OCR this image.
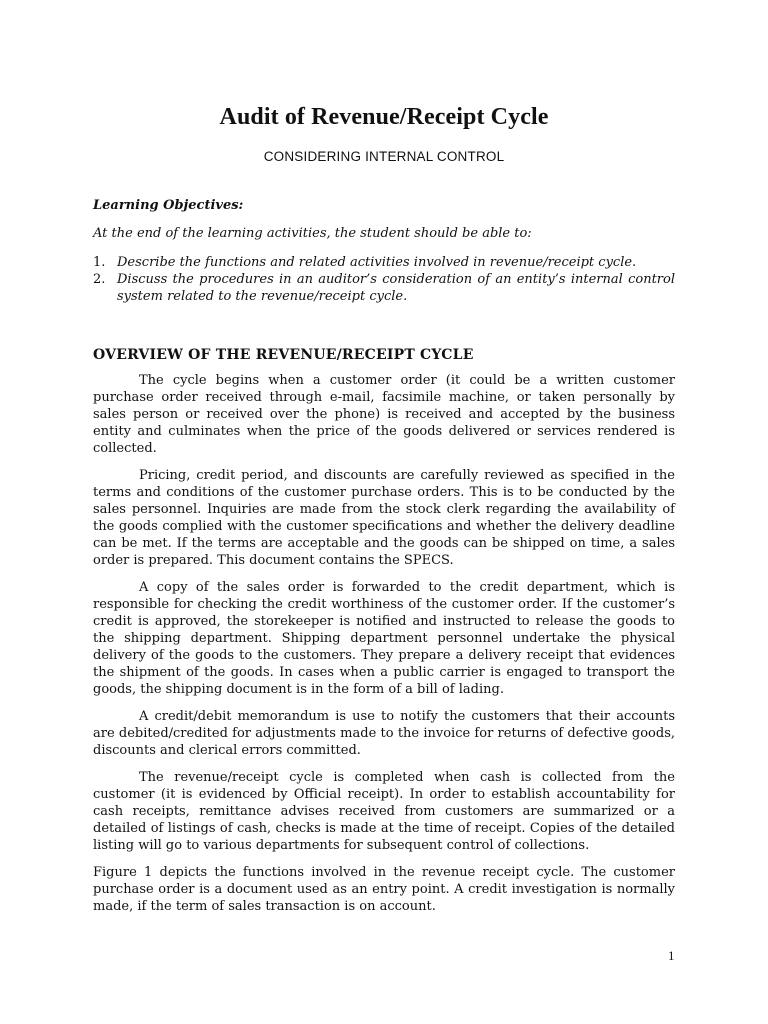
Audit of Revenue/Receipt Cycle
CONSIDERING INTERNAL CONTROL
Learning Objectives:
At the end of the learning activities, the student should be able to:
1. Describe the functions and related activities involved in revenue/receipt cycle.
2. Discuss the procedures in an auditor’s consideration of an entity’s internal control system related to the revenue/receipt cycle.
OVERVIEW OF THE REVENUE/RECEIPT CYCLE

The cycle begins when a customer order (it could be a written customer purchase order received through e-mail, facsimile machine, or taken personally by sales person or received over the phone) is received and accepted by the business entity and culminates when the price of the goods delivered or services rendered is collected.

Pricing, credit period, and discounts are carefully reviewed as specified in the terms and conditions of the customer purchase orders. This is to be conducted by the sales personnel. Inquiries are made from the stock clerk regarding the availability of the goods complied with the customer specifications and whether the delivery deadline can be met. If the terms are acceptable and the goods can be shipped on time, a sales order is prepared. This document contains the SPECS.

A copy of the sales order is forwarded to the credit department, which is responsible for checking the credit worthiness of the customer order. If the customer’s credit is approved, the storekeeper is notified and instructed to release the goods to the shipping department. Shipping department personnel undertake the physical delivery of the goods to the customers. They prepare a delivery receipt that evidences the shipment of the goods. In cases when a public carrier is engaged to transport the goods, the shipping document is in the form of a bill of lading.

A credit/debit memorandum is use to notify the customers that their accounts are debited/credited for adjustments made to the invoice for returns of defective goods, discounts and clerical errors committed.

The revenue/receipt cycle is completed when cash is collected from the customer (it is evidenced by Official receipt). In order to establish accountability for cash receipts, remittance advises received from customers are summarized or a detailed of listings of cash, checks is made at the time of receipt. Copies of the detailed listing will go to various departments for subsequent control of collections.

Figure 1 depicts the functions involved in the revenue receipt cycle. The customer purchase order is a document used as an entry point. A credit investigation is normally made, if the term of sales transaction is on account.

1
